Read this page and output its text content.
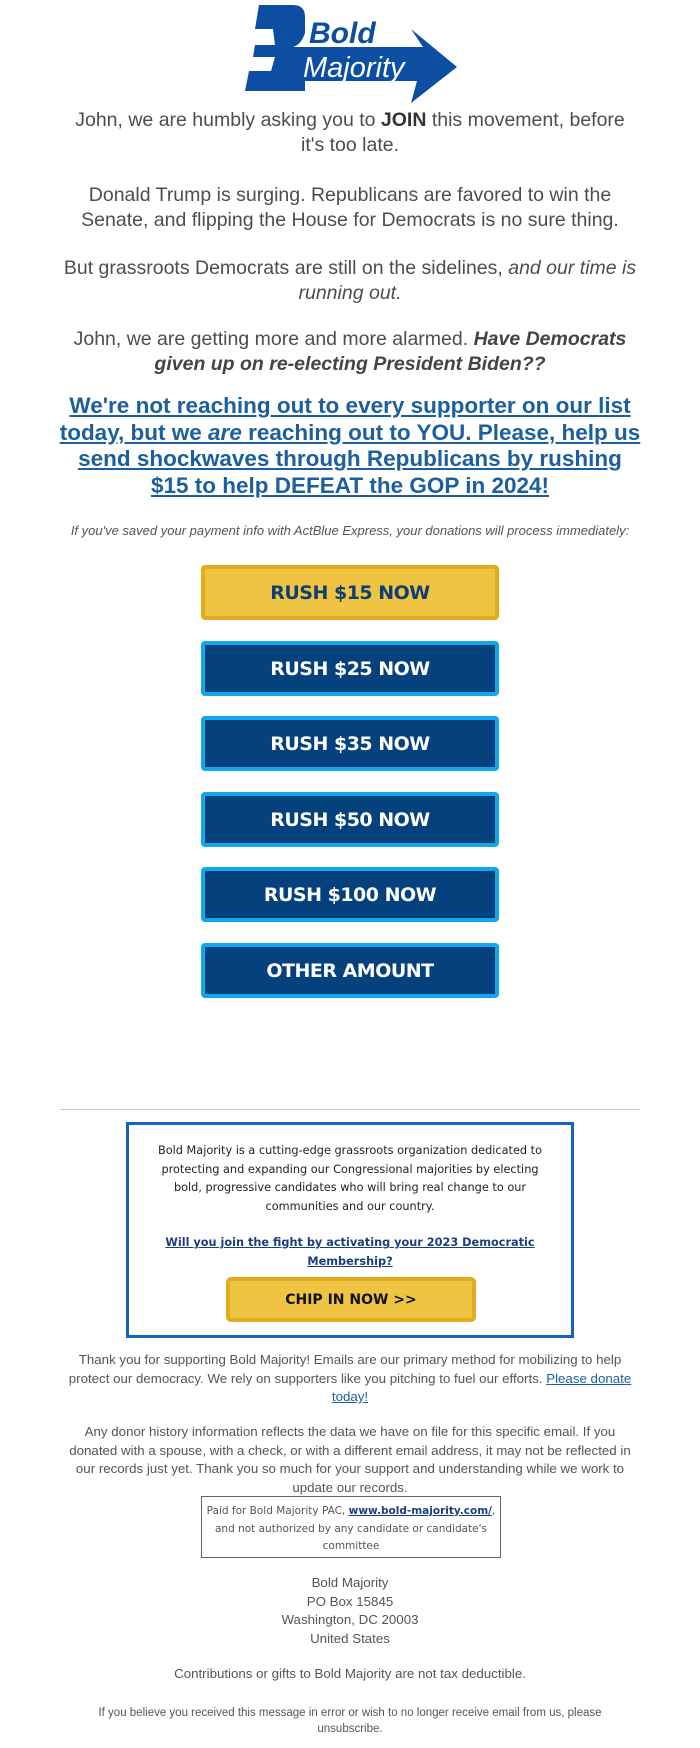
Bold
Majority
John, we are humbly asking you to JOIN this movement, before it's too late.
Donald Trump is surging. Republicans are favored to win the Senate, and flipping the House for Democrats is no sure thing.
But grassroots Democrats are still on the sidelines, and our time is running out.
John, we are getting more and more alarmed. Have Democrats given up on re-electing President Biden??
We're not reaching out to every supporter on our list today, but we are reaching out to YOU. Please, help us send shockwaves through Republicans by rushing $15 to help DEFEAT the GOP in 2024!
If you've saved your payment info with ActBlue Express, your donations will process immediately:
RUSH $15 NOW
RUSH $25 NOW
RUSH $35 NOW
RUSH $50 NOW
RUSH $100 NOW
OTHER AMOUNT
Bold Majority is a cutting-edge grassroots organization dedicated to protecting and expanding our Congressional majorities by electing bold, progressive candidates who will bring real change to our communities and our country.
Will you join the fight by activating your 2023 Democratic Membership?
CHIP IN NOW >>
Thank you for supporting Bold Majority! Emails are our primary method for mobilizing to help protect our democracy. We rely on supporters like you pitching to fuel our efforts. Please donate today!
Any donor history information reflects the data we have on file for this specific email. If you donated with a spouse, with a check, or with a different email address, it may not be reflected in our records just yet. Thank you so much for your support and understanding while we work to update our records.
Paid for Bold Majority PAC, www.bold-majority.com/, and not authorized by any candidate or candidate's committee
Bold Majority
PO Box 15845
Washington, DC 20003
United States
Contributions or gifts to Bold Majority are not tax deductible.
If you believe you received this message in error or wish to no longer receive email from us, please unsubscribe.
